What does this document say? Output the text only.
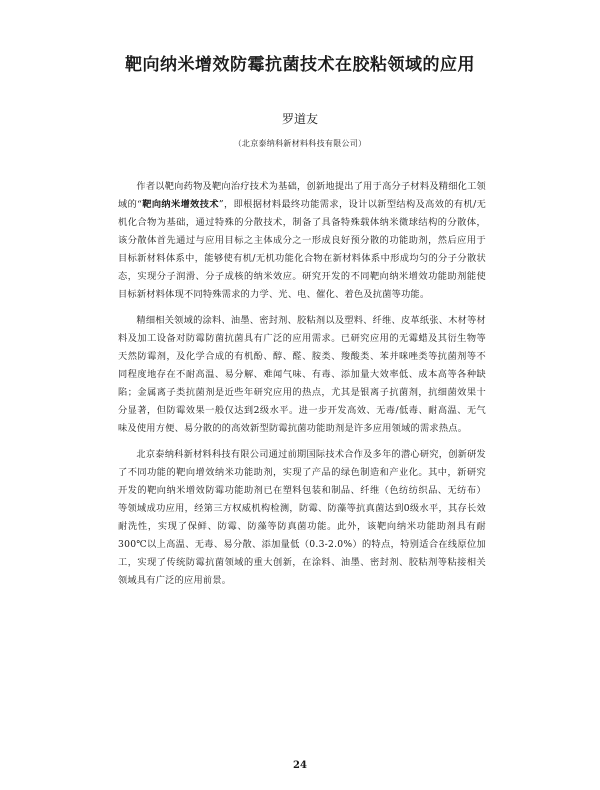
靶向纳米增效防霉抗菌技术在胶粘领域的应用
罗道友
（北京泰纳科新材料科技有限公司）

作者以靶向药物及靶向治疗技术为基础，创新地提出了用于高分子材料及精细化工领域的“靶向纳米增效技术”，即根据材料最终功能需求，设计以新型结构及高效的有机/无机化合物为基础，通过特殊的分散技术，制备了具备特殊载体纳米微球结构的分散体，该分散体首先通过与应用目标之主体成分之一形成良好预分散的功能助剂，然后应用于目标新材料体系中，能够使有机/无机功能化合物在新材料体系中形成均匀的分子分散状态，实现分子润滑、分子成核的纳米效应。研究开发的不同靶向纳米增效功能助剂能使目标新材料体现不同特殊需求的力学、光、电、催化、着色及抗菌等功能。

精细相关领域的涂料、油墨、密封剂、胶粘剂以及塑料、纤维、皮革纸张、木材等材料及加工设备对防霉防菌抗菌具有广泛的应用需求。已研究应用的无霉蜡及其衍生物等天然防霉剂，及化学合成的有机酚、醇、醛、胺类、羧酸类、苯并咪唑类等抗菌剂等不同程度地存在不耐高温、易分解、难闻气味、有毒、添加量大效率低、成本高等各种缺陷；金属离子类抗菌剂是近些年研究应用的热点，尤其是银离子抗菌剂，抗细菌效果十分显著，但防霉效果一般仅达到2级水平。进一步开发高效、无毒/低毒、耐高温、无气味及使用方便、易分散的的高效新型防霉抗菌功能助剂是许多应用领域的需求热点。

北京泰纳科新材料科技有限公司通过前期国际技术合作及多年的潜心研究，创新研发了不同功能的靶向增效纳米功能助剂，实现了产品的绿色制造和产业化。其中，新研究开发的靶向纳米增效防霉功能助剂已在塑料包装和制品、纤维（色纺纺织品、无纺布）等领域成功应用，经第三方权威机构检测，防霉、防藻等抗真菌达到0级水平，其存长效耐洗性，实现了保鲜、防霉、防藻等防真菌功能。此外，该靶向纳米功能助剂具有耐300℃以上高温、无毒、易分散、添加量低（0.3-2.0%）的特点，特别适合在线原位加工，实现了传统防霉抗菌领域的重大创新，在涂料、油墨、密封剂、胶粘剂等粘接相关领域具有广泛的应用前景。

24
